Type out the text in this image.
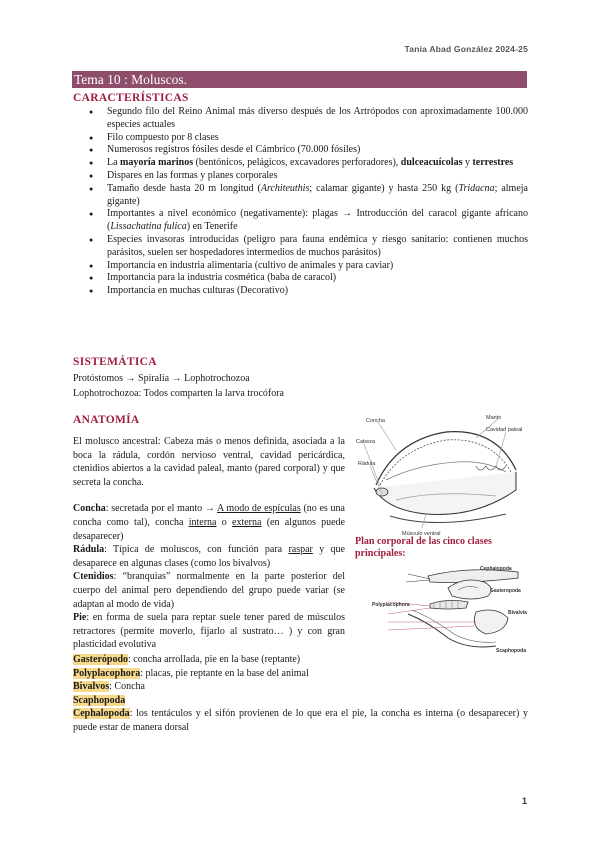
Tania Abad González 2024-25
Tema 10 : Moluscos.
CARACTERÍSTICAS
● Segundo filo del Reino Animal más diverso después de los Artrópodos con aproximadamente 100.000 especies actuales
● Filo compuesto por 8 clases
● Numerosos registros fósiles desde el Cámbrico (70.000 fósiles)
● La mayoría marinos (bentónicos, pelágicos, excavadores perforadores), dulceacuícolas y terrestres
● Dispares en las formas y planes corporales
● Tamaño desde hasta 20 m longitud (Architeuthis; calamar gigante) y hasta 250 kg (Tridacna; almeja gigante)
● Importantes a nivel económico (negativamente): plagas → Introducción del caracol gigante africano (Lissachatina fulica) en Tenerife
● Especies invasoras introducidas (peligro para fauna endémica y riesgo sanitario: contienen muchos parásitos, suelen ser hospedadores intermedios de muchos parásitos)
● Importancia en industria alimentaria (cultivo de animales y para caviar)
● Importancia para la industria cosmética (baba de caracol)
● Importancia en muchas culturas (Decorativo)
SISTEMÁTICA
Protóstomos → Spiralia → Lophotrochozoa
Lophotrochozoa: Todos comparten la larva trocófora
ANATOMÍA

El molusco ancestral: Cabeza más o menos definida, asociada a la boca la rádula, cordón nervioso ventral, cavidad pericárdica, ctenidios abiertos a la cavidad paleal, manto (pared corporal) y que secreta la concha.

Concha: secretada por el manto → A modo de espículas (no es una concha como tal), concha interna o externa (en algunos puede desaparecer)

Rádula: Típica de moluscos, con función para raspar y que desaparece en algunas clases (como los bivalvos)

Ctenidios: “branquias” normalmente en la parte posterior del cuerpo del animal pero dependiendo del grupo puede variar (se adaptan al modo de vida)

Pie: en forma de suela para reptar suele tener pared de músculos retractores (permite moverlo, fijarlo al sustrato… ) y con gran plasticidad evolutiva

Concha	Manto
Cavidad paleal
Cabeza
Rádula
Músculo ventral
Plan corporal de las cinco clases principales:
Cephalopoda
Gasteropoda
Polyplacophora
Bivalvia
Scaphopoda

Gasterópodo: concha arrollada, pie en la base (reptante)

Polyplacophora: placas, pie reptante en la base del animal

Bivalvos: Concha

Scaphopoda

Cephalopoda: los tentáculos y el sifón provienen de lo que era el pie, la concha es interna (o desaparecer) y puede estar de manera dorsal

1
